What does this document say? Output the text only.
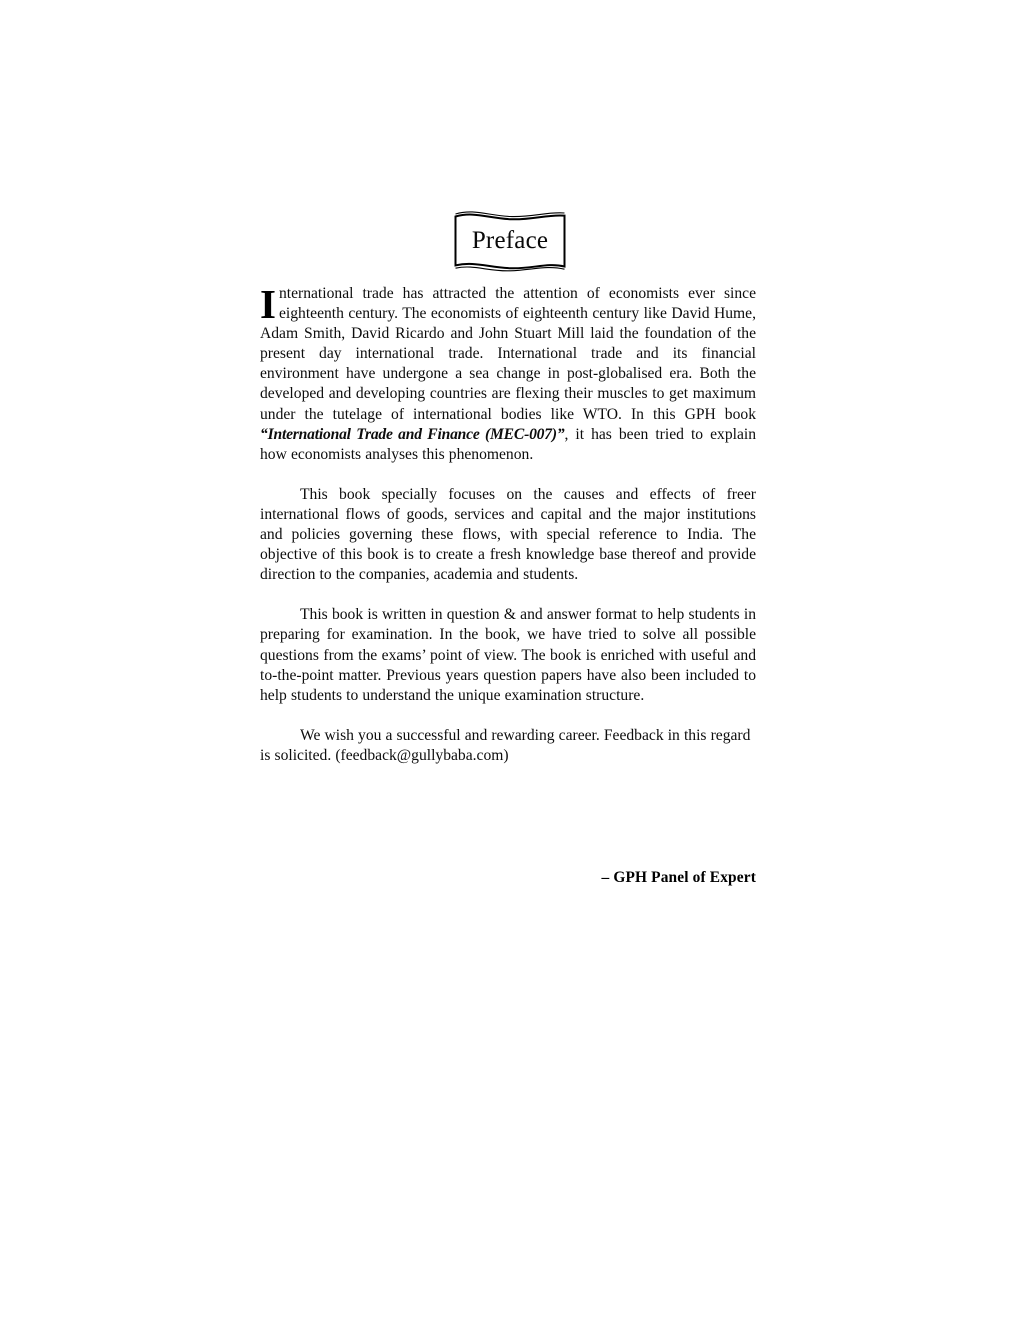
Preface

International trade has attracted the attention of economists ever since eighteenth century. The economists of eighteenth century like David Hume, Adam Smith, David Ricardo and John Stuart Mill laid the foundation of the present day international trade. International trade and its financial environment have undergone a sea change in post-globalised era. Both the developed and developing countries are flexing their muscles to get maximum under the tutelage of international bodies like WTO. In this GPH book “International Trade and Finance (MEC-007)”, it has been tried to explain how economists analyses this phenomenon.

This book specially focuses on the causes and effects of freer international flows of goods, services and capital and the major institutions and policies governing these flows, with special reference to India. The objective of this book is to create a fresh knowledge base thereof and provide direction to the companies, academia and students.

This book is written in question & and answer format to help students in preparing for examination. In the book, we have tried to solve all possible questions from the exams’ point of view. The book is enriched with useful and to-the-point matter. Previous years question papers have also been included to help students to understand the unique examination structure.

We wish you a successful and rewarding career. Feedback in this regard is solicited. (feedback@gullybaba.com)

– GPH Panel of Expert
